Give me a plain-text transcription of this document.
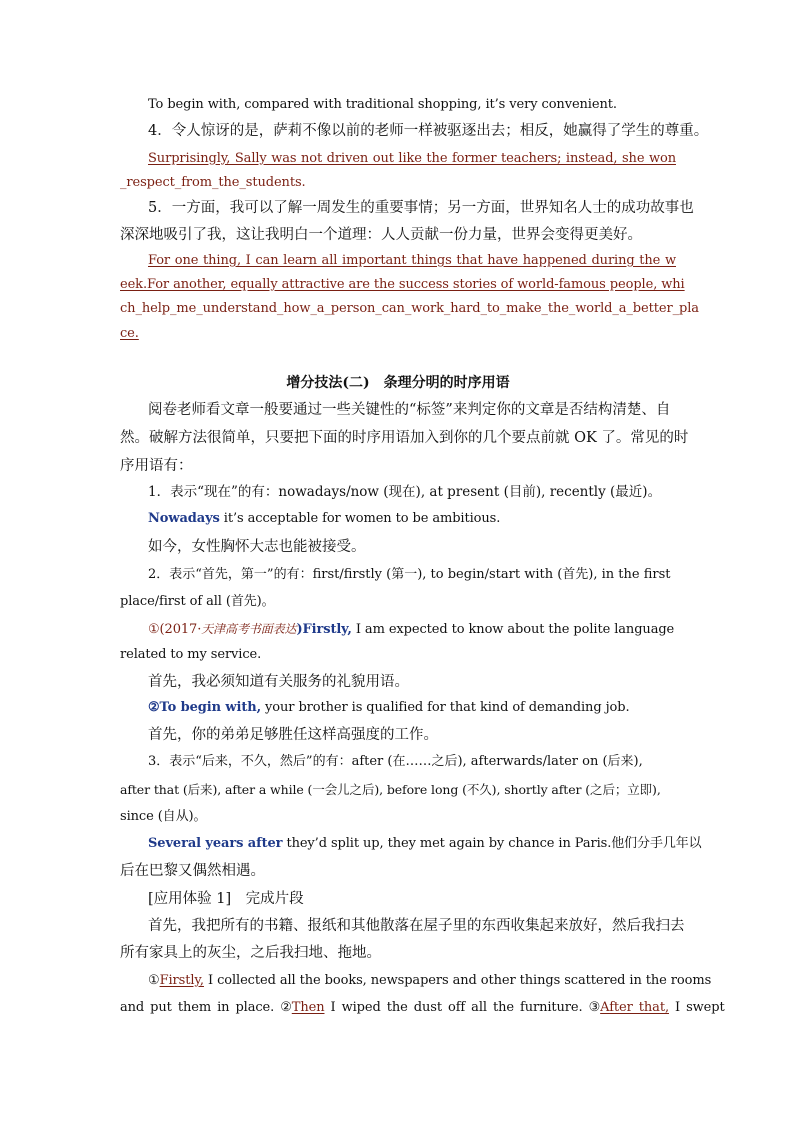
To begin with, compared with traditional shopping, it’s very convenient.
4．令人惊讶的是，萨莉不像以前的老师一样被驱逐出去；相反，她赢得了学生的尊重。
Surprisingly, Sally was not driven out like the former teachers; instead, she won
_respect_from_the_students.
5．一方面，我可以了解一周发生的重要事情；另一方面，世界知名人士的成功故事也
深深地吸引了我，这让我明白一个道理：人人贡献一份力量，世界会变得更美好。
For one thing, I can learn all important things that have happened during the w
eek.For another, equally attractive are the success stories of world-famous people, whi
ch_help_me_understand_how_a_person_can_work_hard_to_make_the_world_a_better_pla
ce.
增分技法(二)　条理分明的时序用语
阅卷老师看文章一般要通过一些关键性的“标签”来判定你的文章是否结构清楚、自
然。破解方法很简单，只要把下面的时序用语加入到你的几个要点前就 OK 了。常见的时
序用语有：
1．表示“现在”的有：nowadays/now (现在), at present (目前), recently (最近)。
Nowadays it’s acceptable for women to be ambitious.
如今，女性胸怀大志也能被接受。
2．表示“首先，第一”的有：first/firstly (第一), to begin/start with (首先), in the first
place/first of all (首先)。
①(2017·天津高考书面表达)Firstly, I am expected to know about the polite language
related to my service.
首先，我必须知道有关服务的礼貌用语。
②To begin with, your brother is qualified for that kind of demanding job.
首先，你的弟弟足够胜任这样高强度的工作。
3．表示“后来，不久，然后”的有：after (在……之后), afterwards/later on (后来),
after that (后来), after a while (一会儿之后), before long (不久), shortly after (之后；立即),
since (自从)。
Several years after they’d split up, they met again by chance in Paris.他们分手几年以
后在巴黎又偶然相遇。
[应用体验 1]　完成片段
首先，我把所有的书籍、报纸和其他散落在屋子里的东西收集起来放好，然后我扫去
所有家具上的灰尘，之后我扫地、拖地。
①Firstly, I collected all the books, newspapers and other things scattered in the rooms
and put them in place. ②Then I wiped the dust off all the furniture. ③After that, I swept
